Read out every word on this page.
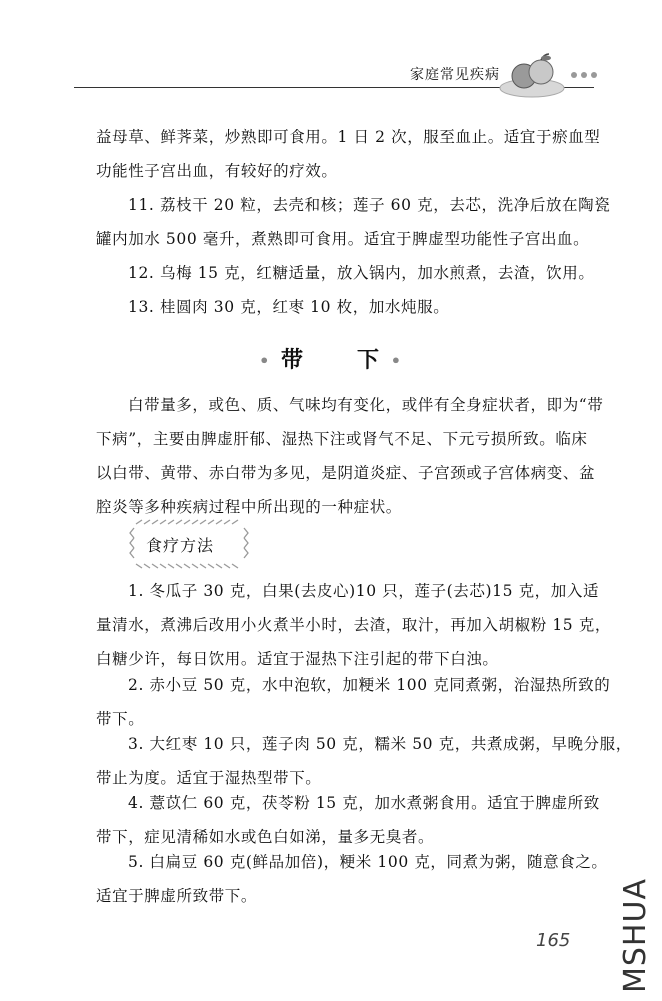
家庭常见疾病
益母草、鲜荠菜，炒熟即可食用。1 日 2 次，服至血止。适宜于瘀血型
功能性子宫出血，有较好的疗效。
11. 荔枝干 20 粒，去壳和核；莲子 60 克，去芯，洗净后放在陶瓷
罐内加水 500 毫升，煮熟即可食用。适宜于脾虚型功能性子宫出血。
12. 乌梅 15 克，红糖适量，放入锅内，加水煎煮，去渣，饮用。
13. 桂圆肉 30 克，红枣 10 枚，加水炖服。
• 带 下 •
白带量多，或色、质、气味均有变化，或伴有全身症状者，即为“带
下病”，主要由脾虚肝郁、湿热下注或肾气不足、下元亏损所致。临床
以白带、黄带、赤白带为多见，是阴道炎症、子宫颈或子宫体病变、盆
腔炎等多种疾病过程中所出现的一种症状。
食疗方法
1. 冬瓜子 30 克，白果(去皮心)10 只，莲子(去芯)15 克，加入适
量清水，煮沸后改用小火煮半小时，去渣，取汁，再加入胡椒粉 15 克，
白糖少许，每日饮用。适宜于湿热下注引起的带下白浊。
2. 赤小豆 50 克，水中泡软，加粳米 100 克同煮粥，治湿热所致的
带下。
3. 大红枣 10 只，莲子肉 50 克，糯米 50 克，共煮成粥，早晚分服，
带止为度。适宜于湿热型带下。
4. 薏苡仁 60 克，茯苓粉 15 克，加水煮粥食用。适宜于脾虚所致
带下，症见清稀如水或色白如涕，量多无臭者。
5. 白扁豆 60 克(鲜品加倍)，粳米 100 克，同煮为粥，随意食之。
适宜于脾虚所致带下。
165 MSHUA
